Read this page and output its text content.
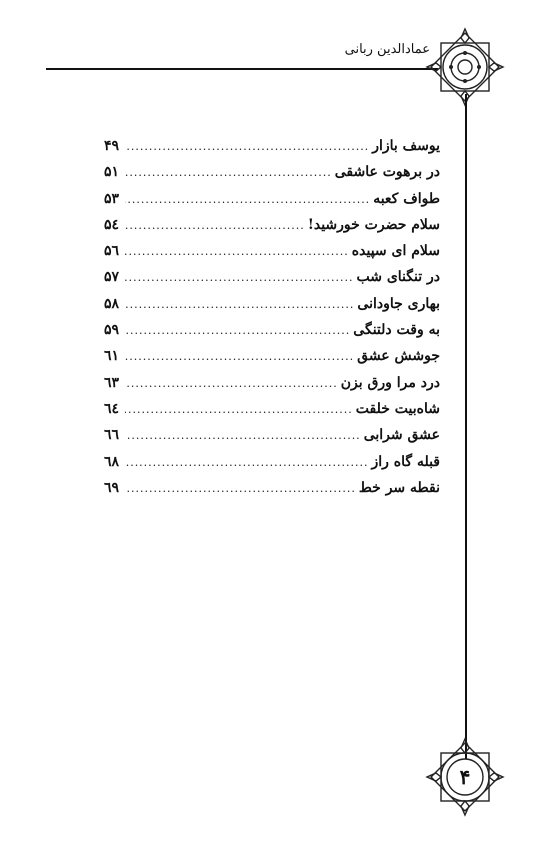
عمادالدین ربانی
یوسف بازار
.....
۴۹
در برهوت عاشقی
.....
۵۱
طواف کعبه
.....
۵۳
سلام حضرت خورشید!
.....
۵٤
سلام ای سپیده
.....
۵٦
در تنگنای شب
.....
۵۷
بهاری جاودانی
.....
۵۸
به وقت دلتنگی
.....
۵۹
جوشش عشق
.....
٦۱
درد مرا ورق بزن
.....
٦۳
شاه‌بیت خلقت
.....
٦٤
عشق شرابی
.....
٦٦
قبله گاه راز
.....
٦۸
نقطه سر خط
.....
٦۹
۴
